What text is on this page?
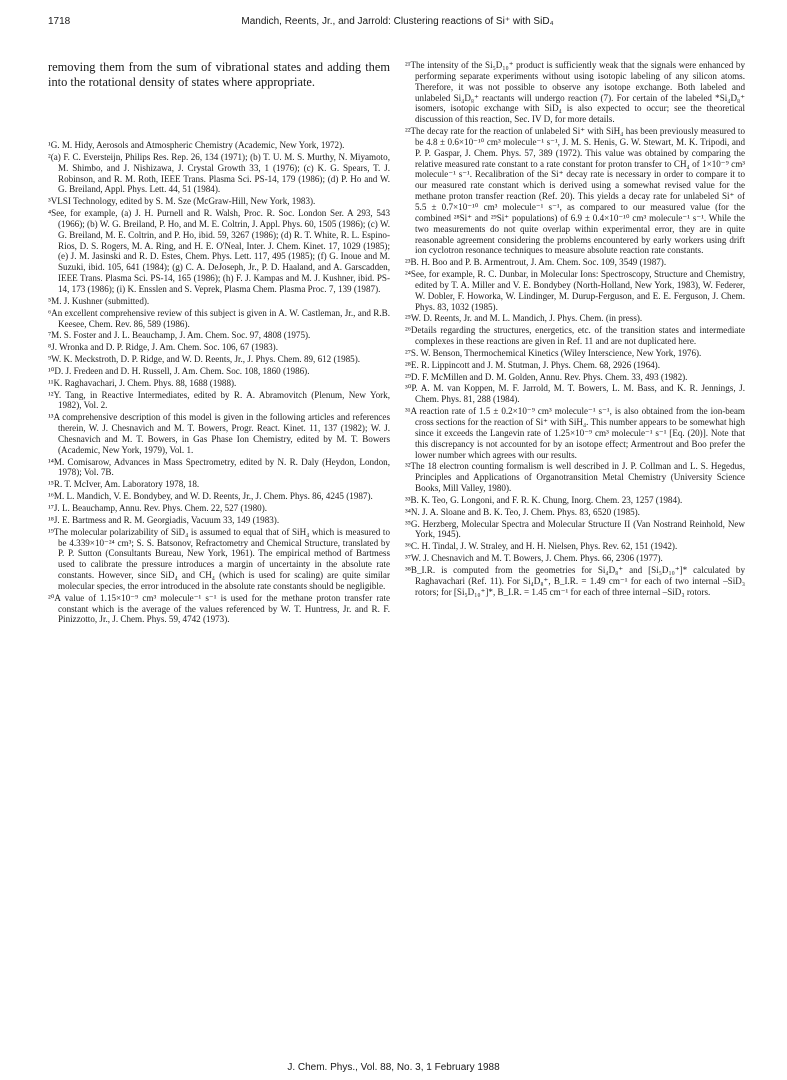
1718	Mandich, Reents, Jr., and Jarrold: Clustering reactions of Si⁺ with SiD₄
removing them from the sum of vibrational states and adding them into the rotational density of states where appropriate.

¹G. M. Hidy, Aerosols and Atmospheric Chemistry (Academic, New York, 1972).

²(a) F. C. Eversteijn, Philips Res. Rep. 26, 134 (1971); (b) T. U. M. S. Murthy, N. Miyamoto, M. Shimbo, and J. Nishizawa, J. Crystal Growth 33, 1 (1976); (c) K. G. Spears, T. J. Robinson, and R. M. Roth, IEEE Trans. Plasma Sci. PS-14, 179 (1986); (d) P. Ho and W. G. Breiland, Appl. Phys. Lett. 44, 51 (1984).

³VLSI Technology, edited by S. M. Sze (McGraw-Hill, New York, 1983).

⁴See, for example, (a) J. H. Purnell and R. Walsh, Proc. R. Soc. London Ser. A 293, 543 (1966); (b) W. G. Breiland, P. Ho, and M. E. Coltrin, J. Appl. Phys. 60, 1505 (1986); (c) W. G. Breiland, M. E. Coltrin, and P. Ho, ibid. 59, 3267 (1986); (d) R. T. White, R. L. Espino-Rios, D. S. Rogers, M. A. Ring, and H. E. O'Neal, Inter. J. Chem. Kinet. 17, 1029 (1985); (e) J. M. Jasinski and R. D. Estes, Chem. Phys. Lett. 117, 495 (1985); (f) G. Inoue and M. Suzuki, ibid. 105, 641 (1984); (g) C. A. DeJoseph, Jr., P. D. Haaland, and A. Garscadden, IEEE Trans. Plasma Sci. PS-14, 165 (1986); (h) F. J. Kampas and M. J. Kushner, ibid. PS-14, 173 (1986); (i) K. Ensslen and S. Veprek, Plasma Chem. Plasma Proc. 7, 139 (1987).

⁵M. J. Kushner (submitted).

⁶An excellent comprehensive review of this subject is given in A. W. Castleman, Jr., and R.B. Keesee, Chem. Rev. 86, 589 (1986).

⁷M. S. Foster and J. L. Beauchamp, J. Am. Chem. Soc. 97, 4808 (1975).

⁸J. Wronka and D. P. Ridge, J. Am. Chem. Soc. 106, 67 (1983).

⁹W. K. Meckstroth, D. P. Ridge, and W. D. Reents, Jr., J. Phys. Chem. 89, 612 (1985).

¹⁰D. J. Fredeen and D. H. Russell, J. Am. Chem. Soc. 108, 1860 (1986).

¹¹K. Raghavachari, J. Chem. Phys. 88, 1688 (1988).

¹²Y. Tang, in Reactive Intermediates, edited by R. A. Abramovitch (Plenum, New York, 1982), Vol. 2.

¹³A comprehensive description of this model is given in the following articles and references therein, W. J. Chesnavich and M. T. Bowers, Progr. React. Kinet. 11, 137 (1982); W. J. Chesnavich and M. T. Bowers, in Gas Phase Ion Chemistry, edited by M. T. Bowers (Academic, New York, 1979), Vol. 1.

¹⁴M. Comisarow, Advances in Mass Spectrometry, edited by N. R. Daly (Heydon, London, 1978); Vol. 7B.

¹⁵R. T. McIver, Am. Laboratory 1978, 18.

¹⁶M. L. Mandich, V. E. Bondybey, and W. D. Reents, Jr., J. Chem. Phys. 86, 4245 (1987).

¹⁷J. L. Beauchamp, Annu. Rev. Phys. Chem. 22, 527 (1980).

¹⁸J. E. Bartmess and R. M. Georgiadis, Vacuum 33, 149 (1983).

¹⁹The molecular polarizability of SiD₄ is assumed to equal that of SiH₄ which is measured to be 4.339×10⁻²⁴ cm³; S. S. Batsonov, Refractometry and Chemical Structure, translated by P. P. Sutton (Consultants Bureau, New York, 1961). The empirical method of Bartmess used to calibrate the pressure introduces a margin of uncertainty in the absolute rate constants. However, since SiD₄ and CH₄ (which is used for scaling) are quite similar molecular species, the error introduced in the absolute rate constants should be negligible.

²⁰A value of 1.15×10⁻⁹ cm³ molecule⁻¹ s⁻¹ is used for the methane proton transfer rate constant which is the average of the values referenced by W. T. Huntress, Jr. and R. F. Pinizzotto, Jr., J. Chem. Phys. 59, 4742 (1973).

²¹The intensity of the Si₅D₁₀⁺ product is sufficiently weak that the signals were enhanced by performing separate experiments without using isotopic labeling of any silicon atoms. Therefore, it was not possible to observe any isotope exchange. Both labeled and unlabeled Si₄D₈⁺ reactants will undergo reaction (7). For certain of the labeled *Si₄D₈⁺ isomers, isotopic exchange with SiD₄ is also expected to occur; see the theoretical discussion of this reaction, Sec. IV D, for more details.

²²The decay rate for the reaction of unlabeled Si⁺ with SiH₄ has been previously measured to be 4.8 ± 0.6×10⁻¹⁰ cm³ molecule⁻¹ s⁻¹, J. M. S. Henis, G. W. Stewart, M. K. Tripodi, and P. P. Gaspar, J. Chem. Phys. 57, 389 (1972). This value was obtained by comparing the relative measured rate constant to a rate constant for proton transfer to CH₄ of 1×10⁻⁹ cm³ molecule⁻¹ s⁻¹. Recalibration of the Si⁺ decay rate is necessary in order to compare it to our measured rate constant which is derived using a somewhat revised value for the methane proton transfer reaction (Ref. 20). This yields a decay rate for unlabeled Si⁺ of 5.5 ± 0.7×10⁻¹⁰ cm³ molecule⁻¹ s⁻¹, as compared to our measured value (for the combined ²⁸Si⁺ and ²⁹Si⁺ populations) of 6.9 ± 0.4×10⁻¹⁰ cm³ molecule⁻¹ s⁻¹. While the two measurements do not quite overlap within experimental error, they are in quite reasonable agreement considering the problems encountered by early workers using drift ion cyclotron resonance techniques to measure absolute reaction rate constants.

²³B. H. Boo and P. B. Armentrout, J. Am. Chem. Soc. 109, 3549 (1987).

²⁴See, for example, R. C. Dunbar, in Molecular Ions: Spectroscopy, Structure and Chemistry, edited by T. A. Miller and V. E. Bondybey (North-Holland, New York, 1983), W. Federer, W. Dobler, F. Howorka, W. Lindinger, M. Durup-Ferguson, and E. E. Ferguson, J. Chem. Phys. 83, 1032 (1985).

²⁵W. D. Reents, Jr. and M. L. Mandich, J. Phys. Chem. (in press).

²⁶Details regarding the structures, energetics, etc. of the transition states and intermediate complexes in these reactions are given in Ref. 11 and are not duplicated here.

²⁷S. W. Benson, Thermochemical Kinetics (Wiley Interscience, New York, 1976).

²⁸E. R. Lippincott and J. M. Stutman, J. Phys. Chem. 68, 2926 (1964).

²⁹D. F. McMillen and D. M. Golden, Annu. Rev. Phys. Chem. 33, 493 (1982).

³⁰P. A. M. van Koppen, M. F. Jarrold, M. T. Bowers, L. M. Bass, and K. R. Jennings, J. Chem. Phys. 81, 288 (1984).

³¹A reaction rate of 1.5 ± 0.2×10⁻⁹ cm³ molecule⁻¹ s⁻¹, is also obtained from the ion-beam cross sections for the reaction of Si⁺ with SiH₄. This number appears to be somewhat high since it exceeds the Langevin rate of 1.25×10⁻⁹ cm³ molecule⁻¹ s⁻¹ [Eq. (20)]. Note that this discrepancy is not accounted for by an isotope effect; Armentrout and Boo prefer the lower number which agrees with our results.

³²The 18 electron counting formalism is well described in J. P. Collman and L. S. Hegedus, Principles and Applications of Organotransition Metal Chemistry (University Science Books, Mill Valley, 1980).

³³B. K. Teo, G. Longoni, and F. R. K. Chung, Inorg. Chem. 23, 1257 (1984).

³⁴N. J. A. Sloane and B. K. Teo, J. Chem. Phys. 83, 6520 (1985).

³⁵G. Herzberg, Molecular Spectra and Molecular Structure II (Van Nostrand Reinhold, New York, 1945).

³⁶C. H. Tindal, J. W. Straley, and H. H. Nielsen, Phys. Rev. 62, 151 (1942).

³⁷W. J. Chesnavich and M. T. Bowers, J. Chem. Phys. 66, 2306 (1977).

³⁸B_I.R. is computed from the geometries for Si₄D₈⁺ and [Si₅D₁₀⁺]* calculated by Raghavachari (Ref. 11). For Si₄D₈⁺, B_I.R. = 1.49 cm⁻¹ for each of two internal –SiD₃ rotors; for [Si₅D₁₀⁺]*, B_I.R. = 1.45 cm⁻¹ for each of three internal –SiD₃ rotors.

J. Chem. Phys., Vol. 88, No. 3, 1 February 1988
